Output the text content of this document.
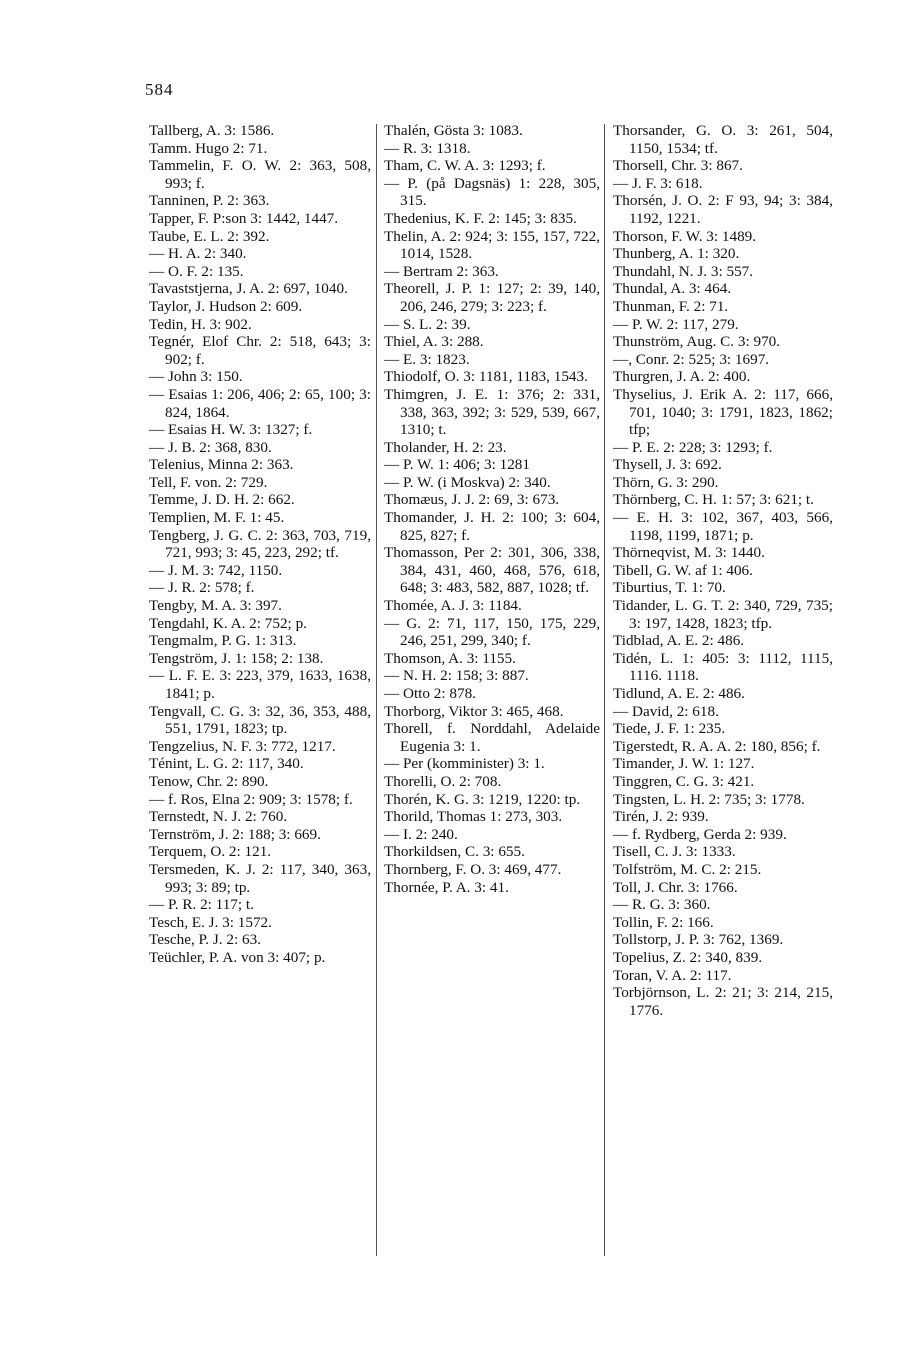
584

Tallberg, A. 3: 1586.

Tamm. Hugo 2: 71.

Tammelin, F. O. W. 2: 363, 508, 993; f.

Tanninen, P. 2: 363.

Tapper, F. P:son 3: 1442, 1447.

Taube, E. L. 2: 392.

— H. A. 2: 340.

— O. F. 2: 135.

Tavaststjerna, J. A. 2: 697, 1040.

Taylor, J. Hudson 2: 609.

Tedin, H. 3: 902.

Tegnér, Elof Chr. 2: 518, 643; 3: 902; f.

— John 3: 150.

— Esaias 1: 206, 406; 2: 65, 100; 3: 824, 1864.

— Esaias H. W. 3: 1327; f.

— J. B. 2: 368, 830.

Telenius, Minna 2: 363.

Tell, F. von. 2: 729.

Temme, J. D. H. 2: 662.

Templien, M. F. 1: 45.

Tengberg, J. G. C. 2: 363, 703, 719, 721, 993; 3: 45, 223, 292; tf.

— J. M. 3: 742, 1150.

— J. R. 2: 578; f.

Tengby, M. A. 3: 397.

Tengdahl, K. A. 2: 752; p.

Tengmalm, P. G. 1: 313.

Tengström, J. 1: 158; 2: 138.

— L. F. E. 3: 223, 379, 1633, 1638, 1841; p.

Tengvall, C. G. 3: 32, 36, 353, 488, 551, 1791, 1823; tp.

Tengzelius, N. F. 3: 772, 1217.

Ténint, L. G. 2: 117, 340.

Tenow, Chr. 2: 890.

— f. Ros, Elna 2: 909; 3: 1578; f.

Ternstedt, N. J. 2: 760.

Ternström, J. 2: 188; 3: 669.

Terquem, O. 2: 121.

Tersmeden, K. J. 2: 117, 340, 363, 993; 3: 89; tp.

— P. R. 2: 117; t.

Tesch, E. J. 3: 1572.

Tesche, P. J. 2: 63.

Teüchler, P. A. von 3: 407; p.

Thalén, Gösta 3: 1083.

— R. 3: 1318.

Tham, C. W. A. 3: 1293; f.

— P. (på Dagsnäs) 1: 228, 305, 315.

Thedenius, K. F. 2: 145; 3: 835.

Thelin, A. 2: 924; 3: 155, 157, 722, 1014, 1528.

— Bertram 2: 363.

Theorell, J. P. 1: 127; 2: 39, 140, 206, 246, 279; 3: 223; f.

— S. L. 2: 39.

Thiel, A. 3: 288.

— E. 3: 1823.

Thiodolf, O. 3: 1181, 1183, 1543.

Thimgren, J. E. 1: 376; 2: 331, 338, 363, 392; 3: 529, 539, 667, 1310; t.

Tholander, H. 2: 23.

— P. W. 1: 406; 3: 1281

— P. W. (i Moskva) 2: 340.

Thomæus, J. J. 2: 69, 3: 673.

Thomander, J. H. 2: 100; 3: 604, 825, 827; f.

Thomasson, Per 2: 301, 306, 338, 384, 431, 460, 468, 576, 618, 648; 3: 483, 582, 887, 1028; tf.

Thomée, A. J. 3: 1184.

— G. 2: 71, 117, 150, 175, 229, 246, 251, 299, 340; f.

Thomson, A. 3: 1155.

— N. H. 2: 158; 3: 887.

— Otto 2: 878.

Thorborg, Viktor 3: 465, 468.

Thorell, f. Norddahl, Adelaide Eugenia 3: 1.

— Per (komminister) 3: 1.

Thorelli, O. 2: 708.

Thorén, K. G. 3: 1219, 1220: tp.

Thorild, Thomas 1: 273, 303.

— I. 2: 240.

Thorkildsen, C. 3: 655.

Thornberg, F. O. 3: 469, 477.

Thornée, P. A. 3: 41.

Thorsander, G. O. 3: 261, 504, 1150, 1534; tf.

Thorsell, Chr. 3: 867.

— J. F. 3: 618.

Thorsén, J. O. 2: F 93, 94; 3: 384, 1192, 1221.

Thorson, F. W. 3: 1489.

Thunberg, A. 1: 320.

Thundahl, N. J. 3: 557.

Thundal, A. 3: 464.

Thunman, F. 2: 71.

— P. W. 2: 117, 279.

Thunström, Aug. C. 3: 970.

—, Conr. 2: 525; 3: 1697.

Thurgren, J. A. 2: 400.

Thyselius, J. Erik A. 2: 117, 666, 701, 1040; 3: 1791, 1823, 1862; tfp;

— P. E. 2: 228; 3: 1293; f.

Thysell, J. 3: 692.

Thörn, G. 3: 290.

Thörnberg, C. H. 1: 57; 3: 621; t.

— E. H. 3: 102, 367, 403, 566, 1198, 1199, 1871; p.

Thörneqvist, M. 3: 1440.

Tibell, G. W. af 1: 406.

Tiburtius, T. 1: 70.

Tidander, L. G. T. 2: 340, 729, 735; 3: 197, 1428, 1823; tfp.

Tidblad, A. E. 2: 486.

Tidén, L. 1: 405: 3: 1112, 1115, 1116. 1118.

Tidlund, A. E. 2: 486.

— David, 2: 618.

Tiede, J. F. 1: 235.

Tigerstedt, R. A. A. 2: 180, 856; f.

Timander, J. W. 1: 127.

Tinggren, C. G. 3: 421.

Tingsten, L. H. 2: 735; 3: 1778.

Tirén, J. 2: 939.

— f. Rydberg, Gerda 2: 939.

Tisell, C. J. 3: 1333.

Tolfström, M. C. 2: 215.

Toll, J. Chr. 3: 1766.

— R. G. 3: 360.

Tollin, F. 2: 166.

Tollstorp, J. P. 3: 762, 1369.

Topelius, Z. 2: 340, 839.

Toran, V. A. 2: 117.

Torbjörnson, L. 2: 21; 3: 214, 215, 1776.
